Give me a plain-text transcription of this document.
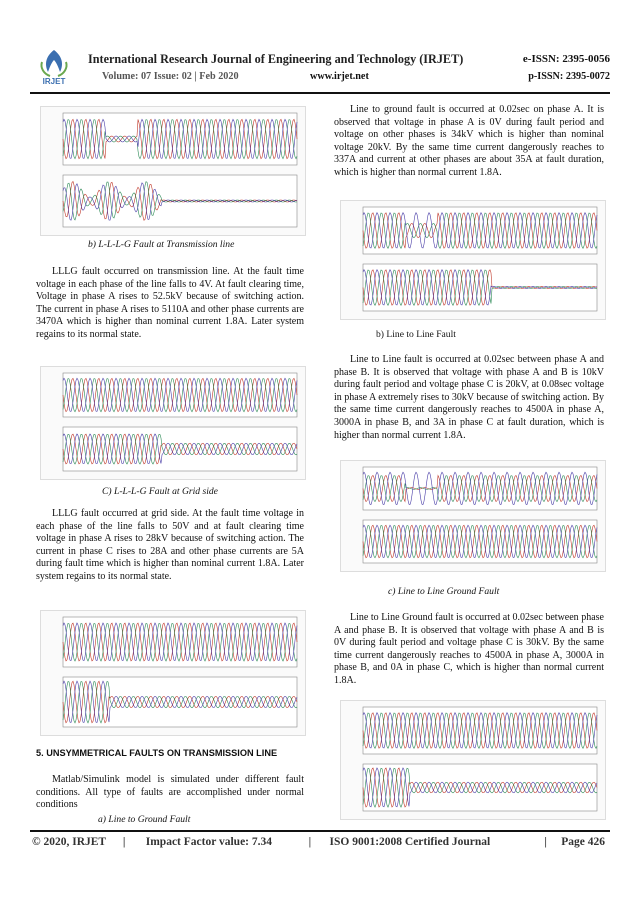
IRJET
International Research Journal of Engineering and Technology (IRJET)	e-ISSN: 2395-0056
Volume: 07 Issue: 02 | Feb 2020	www.irjet.net	p-ISSN: 2395-0072
b) L-L-L-G Fault at Transmission line

LLLG fault occurred on transmission line. At the fault time voltage in each phase of the line falls to 4V. At fault clearing time, Voltage in phase A rises to 52.5kV because of switching action. The current in phase A rises to 5110A and other phase currents are 3470A which is higher than nominal current 1.8A. Later system regains to its normal state.

C) L-L-L-G Fault at Grid side

LLLG fault occurred at grid side. At the fault time voltage in each phase of the line falls to 50V and at fault clearing time voltage in phase A rises to 28kV because of switching action. The current in phase C rises to 28A and other phase currents are 5A during fault time which is higher than nominal current 1.8A. Later system regains to its normal state.

5. UNSYMMETRICAL FAULTS ON TRANSMISSION LINE

Matlab/Simulink model is simulated under different fault conditions. All type of faults are accomplished under normal conditions

a) Line to Ground Fault

Line to ground fault is occurred at 0.02sec on phase A. It is observed that voltage in phase A is 0V during fault period and voltage on other phases is 34kV which is higher than nominal voltage 20kV. By the same time current dangerously reaches to 337A and current at other phases are about 35A at fault duration, which is higher than normal current 1.8A.

b) Line to Line Fault

Line to Line fault is occurred at 0.02sec between phase A and phase B. It is observed that voltage with phase A and B is 10kV during fault period and voltage phase C is 20kV, at 0.08sec voltage in phase A extremely rises to 30kV because of switching action. By the same time current dangerously reaches to 4500A in phase A, 3000A in phase B, and 3A in phase C at fault duration, which is higher than normal current 1.8A.

c) Line to Line Ground Fault

Line to Line Ground fault is occurred at 0.02sec between phase A and phase B. It is observed that voltage with phase A and B is 0V during fault period and voltage phase C is 30kV. By the same time current dangerously reaches to 4500A in phase A, 3000A in phase B, and 0A in phase C, which is higher than normal current 1.8A.

© 2020, IRJET | Impact Factor value: 7.34	| ISO 9001:2008 Certified Journal	| Page 426
